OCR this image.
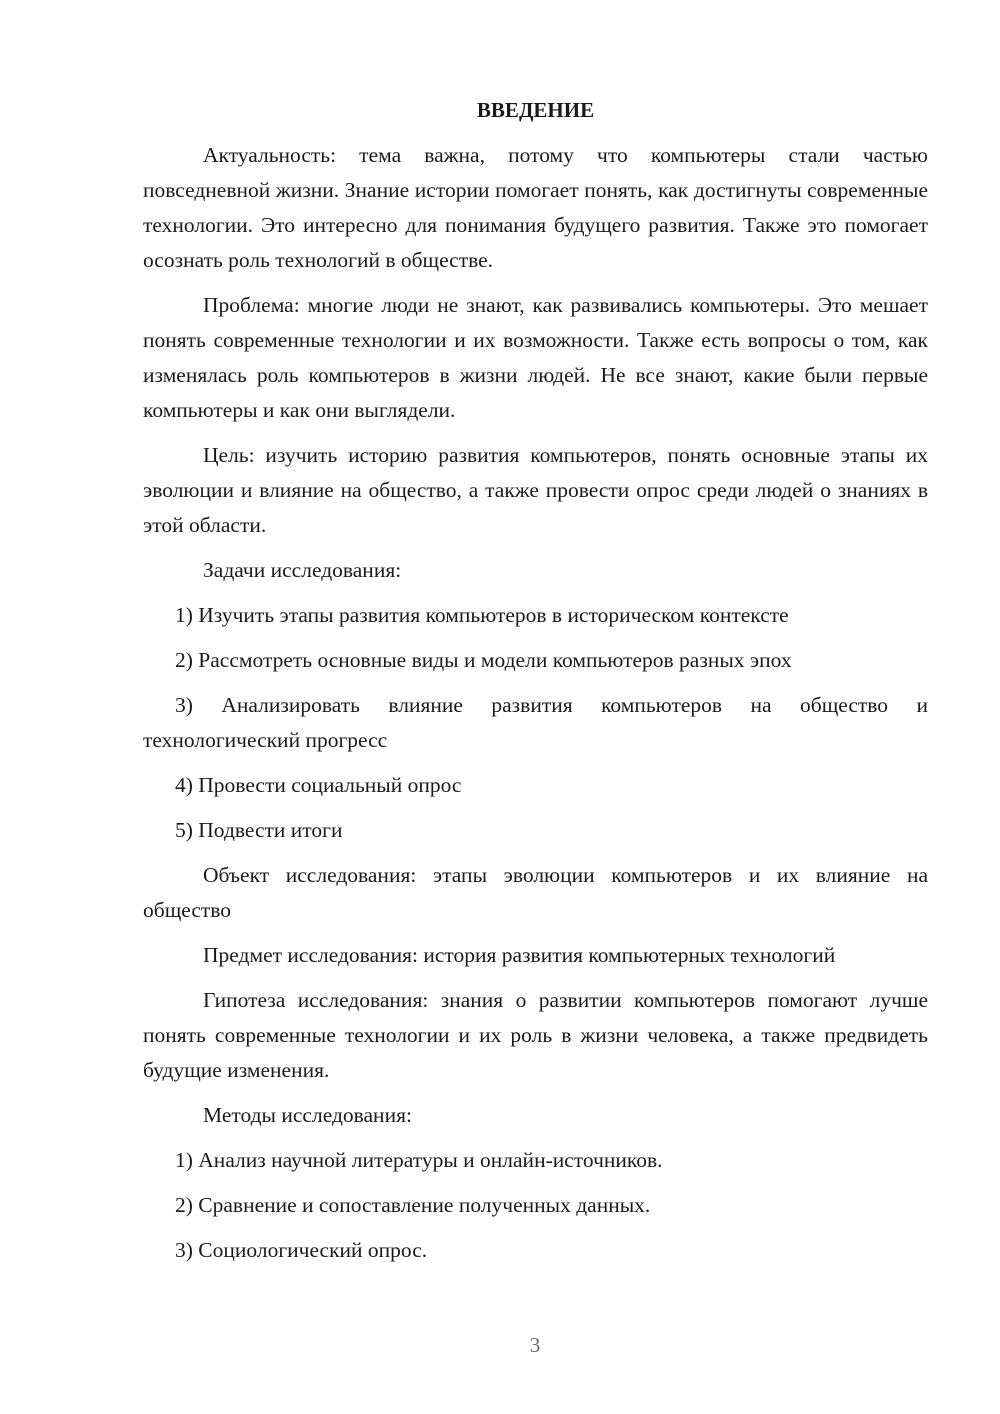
ВВЕДЕНИЕ

Актуальность: тема важна, потому что компьютеры стали частью повседневной жизни. Знание истории помогает понять, как достигнуты современные технологии. Это интересно для понимания будущего развития. Также это помогает осознать роль технологий в обществе.

Проблема: многие люди не знают, как развивались компьютеры. Это мешает понять современные технологии и их возможности. Также есть вопросы о том, как изменялась роль компьютеров в жизни людей. Не все знают, какие были первые компьютеры и как они выглядели.

Цель: изучить историю развития компьютеров, понять основные этапы их эволюции и влияние на общество, а также провести опрос среди людей о знаниях в этой области.

Задачи исследования:

1) Изучить этапы развития компьютеров в историческом контексте

2) Рассмотреть основные виды и модели компьютеров разных эпох

3) Анализировать влияние развития компьютеров на общество и технологический прогресс

4) Провести социальный опрос

5) Подвести итоги

Объект исследования: этапы эволюции компьютеров и их влияние на общество

Предмет исследования: история развития компьютерных технологий

Гипотеза исследования: знания о развитии компьютеров помогают лучше понять современные технологии и их роль в жизни человека, а также предвидеть будущие изменения.

Методы исследования:

1) Анализ научной литературы и онлайн-источников.

2) Сравнение и сопоставление полученных данных.

3) Социологический опрос.

3
